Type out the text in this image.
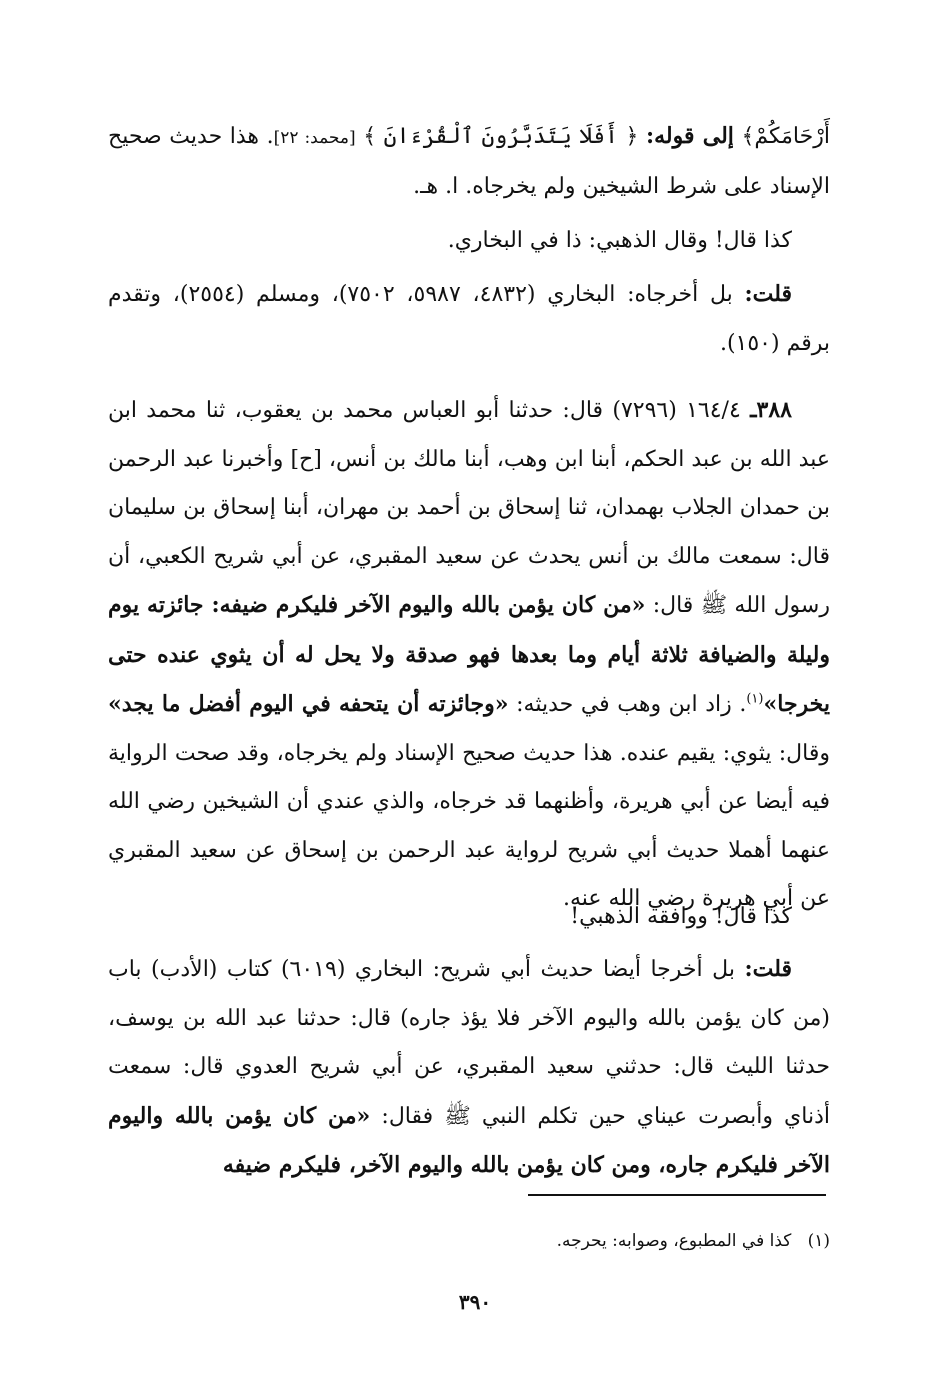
أَرْحَامَكُمْ﴾ إلى قوله: ﴿ أَفَلَا يَتَدَبَّرُونَ ٱلْقُرْءَانَ ﴾ [محمد: ٢٢]. هذا حديث صحيح الإسناد على شرط الشيخين ولم يخرجاه. ا. هـ.

كذا قال! وقال الذهبي: ذا في البخاري.

قلت: بل أخرجاه: البخاري (٤٨٣٢، ٥٩٨٧، ٧٥٠٢)، ومسلم (٢٥٥٤)، وتقدم برقم (١٥٠).

٣٨٨ـ ١٦٤/٤ (٧٢٩٦) قال: حدثنا أبو العباس محمد بن يعقوب، ثنا محمد ابن عبد الله بن عبد الحكم، أبنا ابن وهب، أبنا مالك بن أنس، [ح] وأخبرنا عبد الرحمن بن حمدان الجلاب بهمدان، ثنا إسحاق بن أحمد بن مهران، أبنا إسحاق بن سليمان قال: سمعت مالك بن أنس يحدث عن سعيد المقبري، عن أبي شريح الكعبي، أن رسول الله ﷺ قال: «من كان يؤمن بالله واليوم الآخر فليكرم ضيفه: جائزته يوم وليلة والضيافة ثلاثة أيام وما بعدها فهو صدقة ولا يحل له أن يثوي عنده حتى يخرجا»$^{(١)}$. زاد ابن وهب في حديثه: «وجائزته أن يتحفه في اليوم أفضل ما يجد» وقال: يثوي: يقيم عنده. هذا حديث صحيح الإسناد ولم يخرجاه، وقد صحت الرواية فيه أيضا عن أبي هريرة، وأظنهما قد خرجاه، والذي عندي أن الشيخين رضي الله عنهما أهملا حديث أبي شريح لرواية عبد الرحمن بن إسحاق عن سعيد المقبري عن أبي هريرة رضي الله عنه.

كذا قال! ووافقه الذهبي!

قلت: بل أخرجا أيضا حديث أبي شريح: البخاري (٦٠١٩) كتاب (الأدب) باب (من كان يؤمن بالله واليوم الآخر فلا يؤذ جاره) قال: حدثنا عبد الله بن يوسف، حدثنا الليث قال: حدثني سعيد المقبري، عن أبي شريح العدوي قال: سمعت أذناي وأبصرت عيناي حين تكلم النبي ﷺ فقال: «من كان يؤمن بالله واليوم الآخر فليكرم جاره، ومن كان يؤمن بالله واليوم الآخر، فليكرم ضيفه

(١)   كذا في المطبوع، وصوابه: يحرجه.
٣٩٠
